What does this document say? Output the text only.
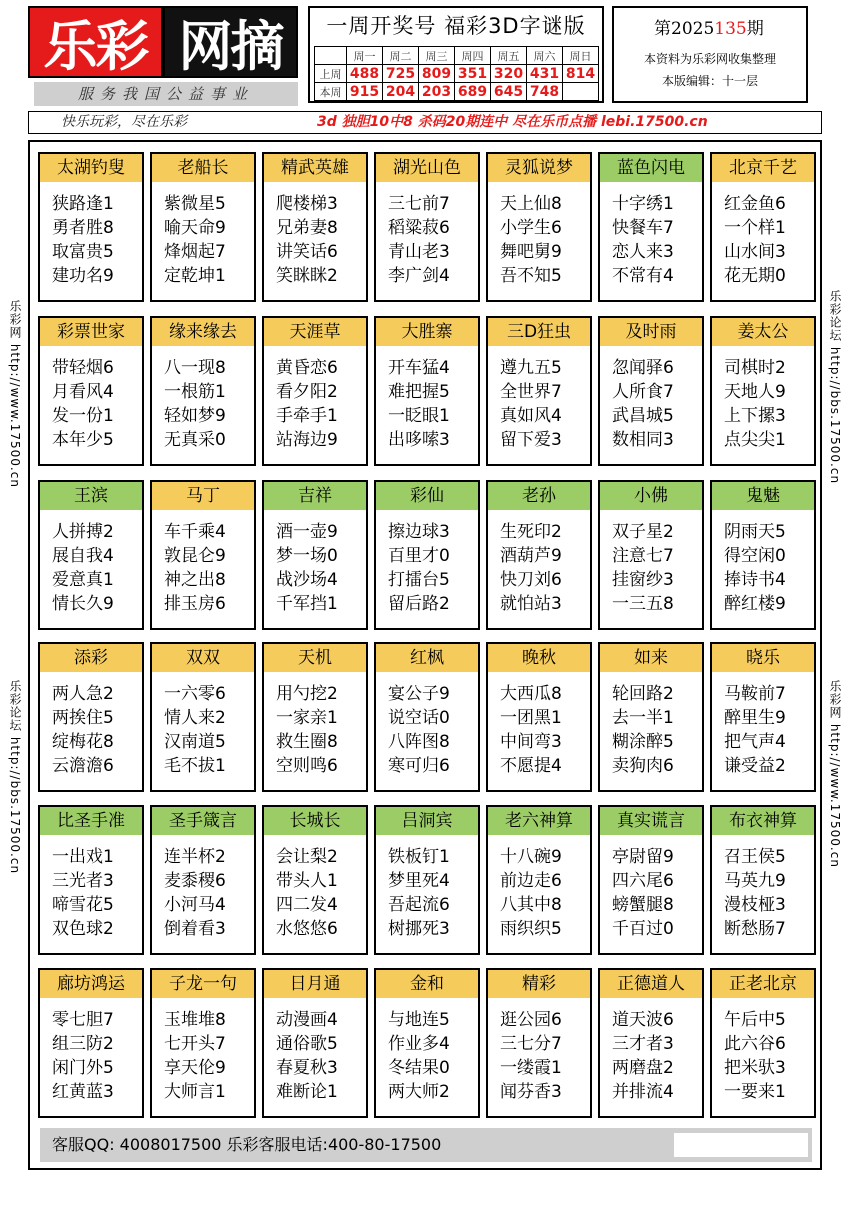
乐彩 网摘
服务我国公益事业
一周开奖号 福彩3D字谜版
	周一	周二	周三	周四	周五	周六	周日
上周	488	725	809	351	320	431	814
本周	915	204	203	689	645	748	
第2025135期
本资料为乐彩网收集整理
本版编辑：十一层
快乐玩彩，尽在乐彩	3d 独胆10中8 杀码20期连中 尽在乐币点播 lebi.17500.cn
乐彩网 http://www.17500.cn
乐彩论坛 http://bbs.17500.cn
乐彩论坛 http://bbs.17500.cn
乐彩网 http://www.17500.cn
太湖钓叟
狭路逢1
勇者胜8
取富贵5
建功名9
老船长
紫微星5
喻天命9
烽烟起7
定乾坤1
精武英雄
爬楼梯3
兄弟妻8
讲笑话6
笑眯眯2
湖光山色
三七前7
稻粱菽6
青山老3
李广剑4
灵狐说梦
天上仙8
小学生6
舞吧舅9
吾不知5
蓝色闪电
十字绣1
快餐车7
恋人来3
不常有4
北京千艺
红金鱼6
一个样1
山水间3
花无期0
彩票世家
带轻烟6
月看风4
发一份1
本年少5
缘来缘去
八一现8
一根筋1
轻如梦9
无真采0
天涯草
黄昏恋6
看夕阳2
手牵手1
站海边9
大胜寨
开车猛4
难把握5
一眨眼1
出哆嗦3
三D狂虫
遵九五5
全世界7
真如风4
留下爱3
及时雨
忽闻驿6
人所食7
武昌城5
数相同3
姜太公
司棋时2
天地人9
上下摞3
点尖尖1
王滨
人拼搏2
展自我4
爱意真1
情长久9
马丁
车千乘4
敦昆仑9
神之出8
排玉房6
吉祥
酒一壶9
梦一场0
战沙场4
千军挡1
彩仙
擦边球3
百里才0
打擂台5
留后路2
老孙
生死印2
酒葫芦9
快刀刘6
就怕站3
小佛
双子星2
注意七7
挂窗纱3
一三五8
鬼魅
阴雨天5
得空闲0
捧诗书4
醉红楼9
添彩
两人急2
两挨住5
绽梅花8
云澹澹6
双双
一六零6
情人来2
汉南道5
毛不拔1
天机
用勺挖2
一家亲1
救生圈8
空则鸣6
红枫
宴公子9
说空话0
八阵图8
寒可归6
晚秋
大西瓜8
一团黑1
中间弯3
不愿提4
如来
轮回路2
去一半1
糊涂醉5
卖狗肉6
晓乐
马鞍前7
醉里生9
把气声4
谦受益2
比圣手准
一出戏1
三光者3
啼雪花5
双色球2
圣手箴言
连半杯2
麦黍稷6
小河马4
倒着看3
长城长
会让梨2
带头人1
四二发4
水悠悠6
吕洞宾
铁板钉1
梦里死4
吾起流6
树挪死3
老六神算
十八碗9
前边走6
八其中8
雨织织5
真实谎言
亭尉留9
四六尾6
螃蟹腿8
千百过0
布衣神算
召王侯5
马英九9
漫枝桠3
断愁肠7
廊坊鸿运
零七胆7
组三防2
闲门外5
红黄蓝3
子龙一句
玉堆堆8
七开头7
享天伦9
大师言1
日月通
动漫画4
通俗歌5
春夏秋3
难断论1
金和
与地连5
作业多4
冬结果0
两大师2
精彩
逛公园6
三七分7
一缕霞1
闻芬香3
正德道人
道天波6
三才者3
两磨盘2
并排流4
正老北京
午后中5
此六谷6
把米驮3
一要来1
客服QQ: 4008017500 乐彩客服电话:400-80-17500
